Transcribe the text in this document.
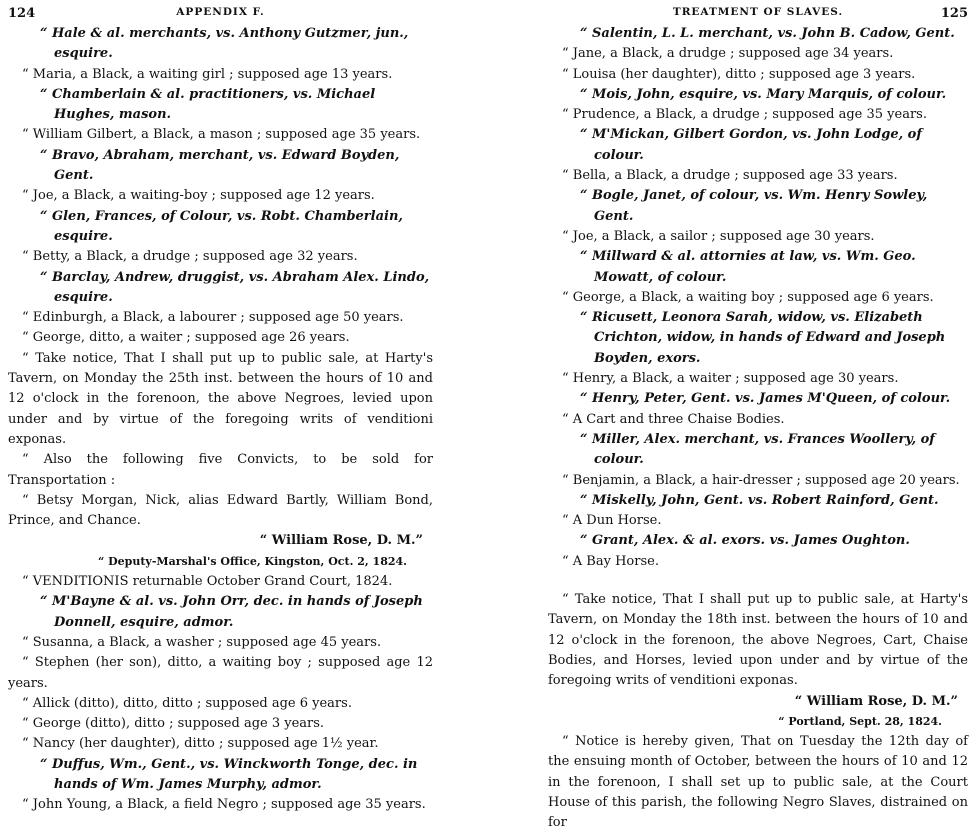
124	APPENDIX F.

“ Hale & al. merchants, vs. Anthony Gutzmer, jun., esquire.

“ Maria, a Black, a waiting girl ; supposed age 13 years.

“ Chamberlain & al. practitioners, vs. Michael Hughes, mason.

“ William Gilbert, a Black, a mason ; supposed age 35 years.

“ Bravo, Abraham, merchant, vs. Edward Boyden, Gent.

“ Joe, a Black, a waiting-boy ; supposed age 12 years.

“ Glen, Frances, of Colour, vs. Robt. Chamberlain, esquire.

“ Betty, a Black, a drudge ; supposed age 32 years.

“ Barclay, Andrew, druggist, vs. Abraham Alex. Lindo, esquire.

“ Edinburgh, a Black, a labourer ; supposed age 50 years.

“ George, ditto, a waiter ; supposed age 26 years.

“ Take notice, That I shall put up to public sale, at Harty's Tavern, on Monday the 25th inst. between the hours of 10 and 12 o'clock in the forenoon, the above Negroes, levied upon under and by virtue of the foregoing writs of venditioni exponas.

“ Also the following five Convicts, to be sold for Transportation :

“ Betsy Morgan, Nick, alias Edward Bartly, William Bond, Prince, and Chance.

“ William Rose, D. M.”

“ Deputy-Marshal's Office, Kingston, Oct. 2, 1824.

“ VENDITIONIS returnable October Grand Court, 1824.

“ M'Bayne & al. vs. John Orr, dec. in hands of Joseph Donnell, esquire, admor.

“ Susanna, a Black, a washer ; supposed age 45 years.

“ Stephen (her son), ditto, a waiting boy ; supposed age 12 years.

“ Allick (ditto), ditto, ditto ; supposed age 6 years.

“ George (ditto), ditto ; supposed age 3 years.

“ Nancy (her daughter), ditto ; supposed age 1½ year.

“ Duffus, Wm., Gent., vs. Winckworth Tonge, dec. in hands of Wm. James Murphy, admor.

“ John Young, a Black, a field Negro ; supposed age 35 years.

TREATMENT OF SLAVES.	125

“ Salentin, L. L. merchant, vs. John B. Cadow, Gent.

“ Jane, a Black, a drudge ; supposed age 34 years.

“ Louisa (her daughter), ditto ; supposed age 3 years.

“ Mois, John, esquire, vs. Mary Marquis, of colour.

“ Prudence, a Black, a drudge ; supposed age 35 years.

“ M'Mickan, Gilbert Gordon, vs. John Lodge, of colour.

“ Bella, a Black, a drudge ; supposed age 33 years.

“ Bogle, Janet, of colour, vs. Wm. Henry Sowley, Gent.

“ Joe, a Black, a sailor ; supposed age 30 years.

“ Millward & al. attornies at law, vs. Wm. Geo. Mowatt, of colour.

“ George, a Black, a waiting boy ; supposed age 6 years.

“ Ricusett, Leonora Sarah, widow, vs. Elizabeth Crichton, widow, in hands of Edward and Joseph Boyden, exors.

“ Henry, a Black, a waiter ; supposed age 30 years.

“ Henry, Peter, Gent. vs. James M'Queen, of colour.

“ A Cart and three Chaise Bodies.

“ Miller, Alex. merchant, vs. Frances Woollery, of colour.

“ Benjamin, a Black, a hair-dresser ; supposed age 20 years.

“ Miskelly, John, Gent. vs. Robert Rainford, Gent.

“ A Dun Horse.

“ Grant, Alex. & al. exors. vs. James Oughton.

“ A Bay Horse.

“ Take notice, That I shall put up to public sale, at Harty's Tavern, on Monday the 18th inst. between the hours of 10 and 12 o'clock in the forenoon, the above Negroes, Cart, Chaise Bodies, and Horses, levied upon under and by virtue of the foregoing writs of venditioni exponas.

“ William Rose, D. M.”

“ Portland, Sept. 28, 1824.

“ Notice is hereby given, That on Tuesday the 12th day of the ensuing month of October, between the hours of 10 and 12 in the forenoon, I shall set up to public sale, at the Court House of this parish, the following Negro Slaves, distrained on for
